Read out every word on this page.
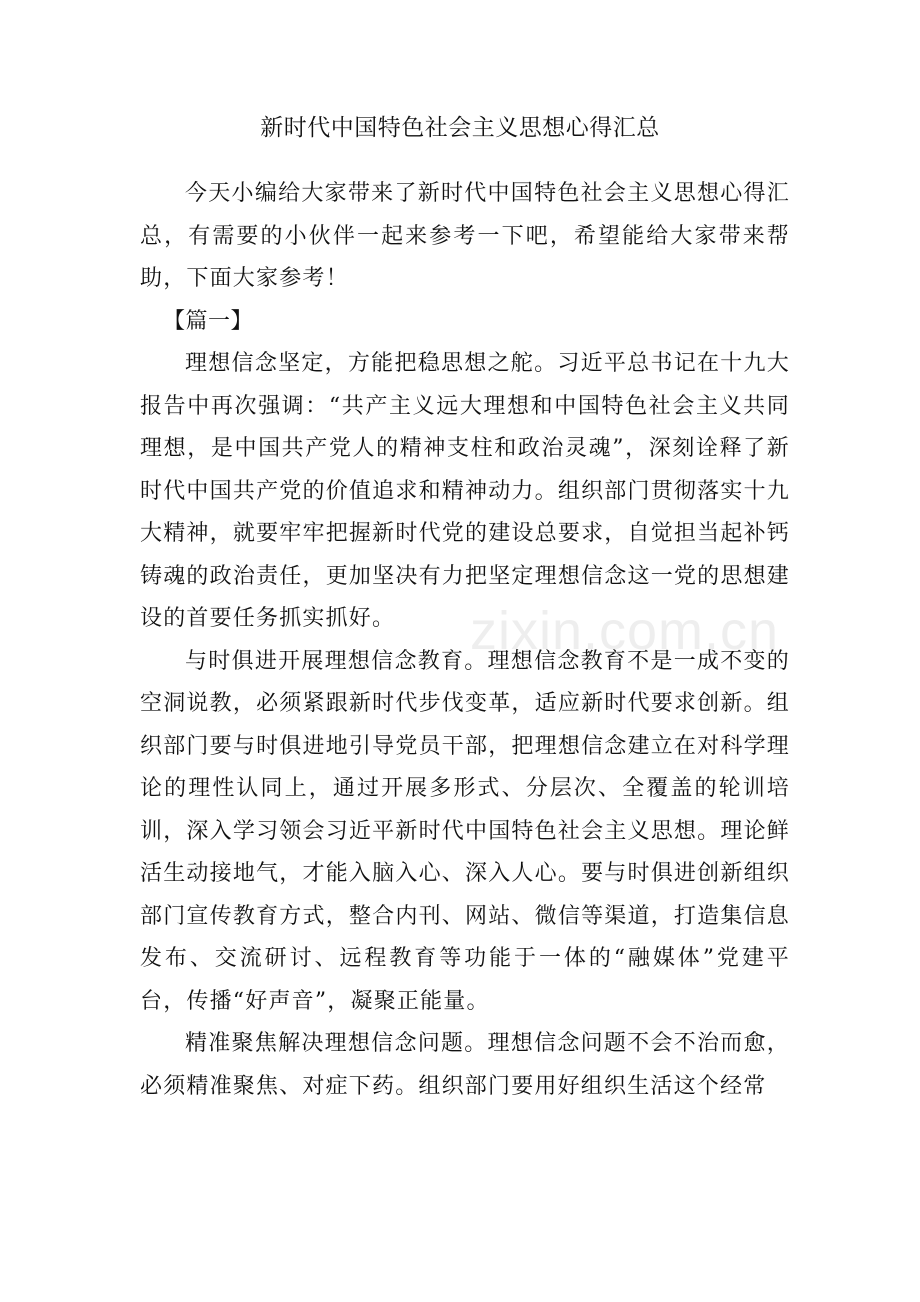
新时代中国特色社会主义思想心得汇总

今天小编给大家带来了新时代中国特色社会主义思想心得汇总，有需要的小伙伴一起来参考一下吧，希望能给大家带来帮助，下面大家参考！

【篇一】

理想信念坚定，方能把稳思想之舵。习近平总书记在十九大报告中再次强调：“共产主义远大理想和中国特色社会主义共同理想，是中国共产党人的精神支柱和政治灵魂”，深刻诠释了新时代中国共产党的价值追求和精神动力。组织部门贯彻落实十九大精神，就要牢牢把握新时代党的建设总要求，自觉担当起补钙铸魂的政治责任，更加坚决有力把坚定理想信念这一党的思想建设的首要任务抓实抓好。

与时俱进开展理想信念教育。理想信念教育不是一成不变的空洞说教，必须紧跟新时代步伐变革，适应新时代要求创新。组织部门要与时俱进地引导党员干部，把理想信念建立在对科学理论的理性认同上，通过开展多形式、分层次、全覆盖的轮训培训，深入学习领会习近平新时代中国特色社会主义思想。理论鲜活生动接地气，才能入脑入心、深入人心。要与时俱进创新组织部门宣传教育方式，整合内刊、网站、微信等渠道，打造集信息发布、交流研讨、远程教育等功能于一体的“融媒体”党建平台，传播“好声音”，凝聚正能量。

精准聚焦解决理想信念问题。理想信念问题不会不治而愈，必须精准聚焦、对症下药。组织部门要用好组织生活这个经常

zixin.com.cn
